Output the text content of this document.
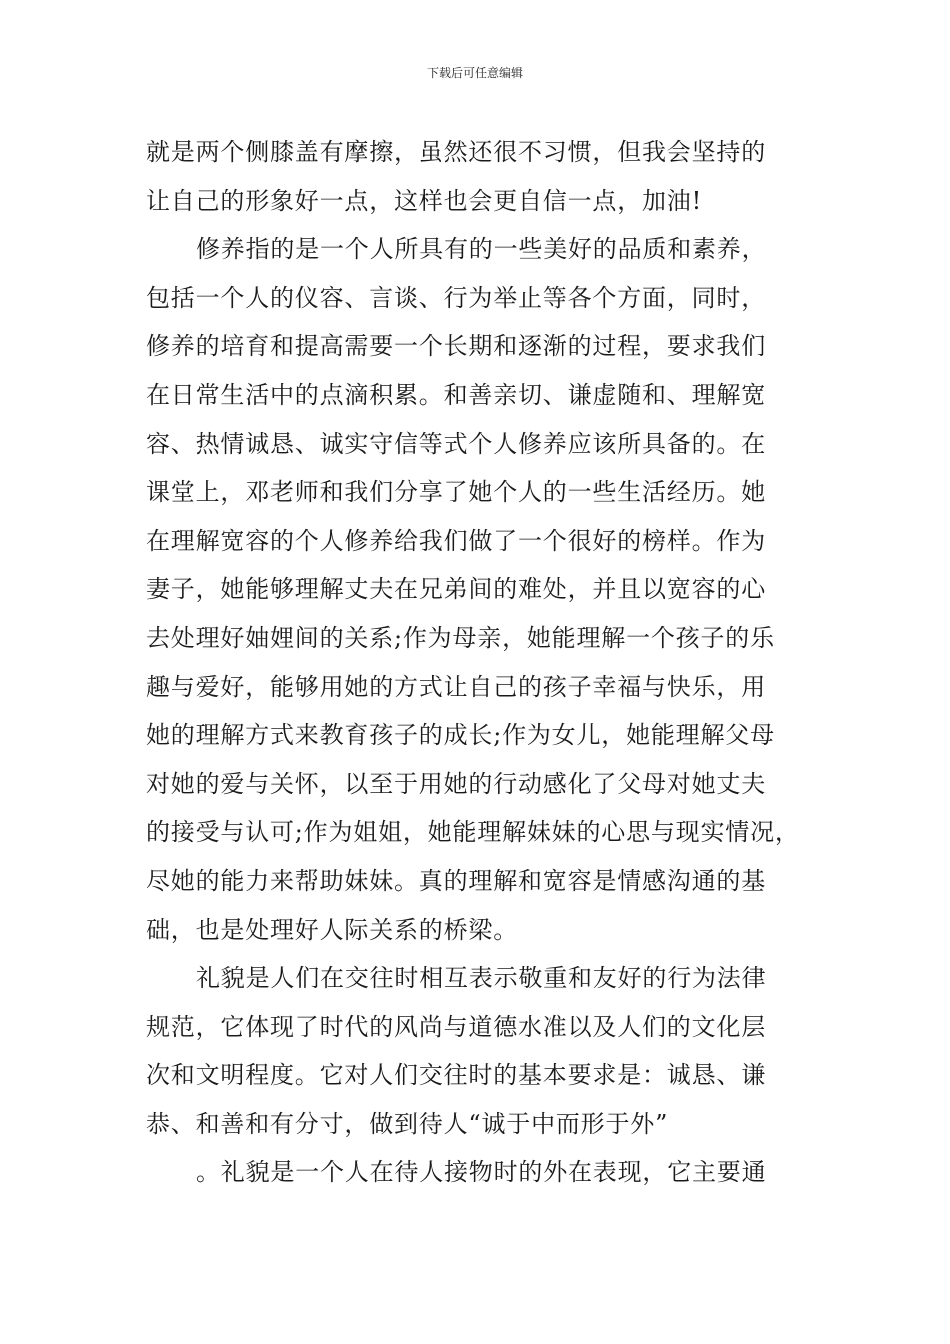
下载后可任意编辑
就是两个侧膝盖有摩擦，虽然还很不习惯，但我会坚持的
让自己的形象好一点，这样也会更自信一点，加油!
修养指的是一个人所具有的一些美好的品质和素养，
包括一个人的仪容、言谈、行为举止等各个方面，同时，
修养的培育和提高需要一个长期和逐渐的过程，要求我们
在日常生活中的点滴积累。和善亲切、谦虚随和、理解宽
容、热情诚恳、诚实守信等式个人修养应该所具备的。在
课堂上，邓老师和我们分享了她个人的一些生活经历。她
在理解宽容的个人修养给我们做了一个很好的榜样。作为
妻子，她能够理解丈夫在兄弟间的难处，并且以宽容的心
去处理好妯娌间的关系;作为母亲，她能理解一个孩子的乐
趣与爱好，能够用她的方式让自己的孩子幸福与快乐，用
她的理解方式来教育孩子的成长;作为女儿，她能理解父母
对她的爱与关怀，以至于用她的行动感化了父母对她丈夫
的接受与认可;作为姐姐，她能理解妹妹的心思与现实情况，
尽她的能力来帮助妹妹。真的理解和宽容是情感沟通的基
础，也是处理好人际关系的桥梁。
礼貌是人们在交往时相互表示敬重和友好的行为法律
规范，它体现了时代的风尚与道德水准以及人们的文化层
次和文明程度。它对人们交往时的基本要求是：诚恳、谦
恭、和善和有分寸，做到待人“诚于中而形于外”
。礼貌是一个人在待人接物时的外在表现，它主要通
